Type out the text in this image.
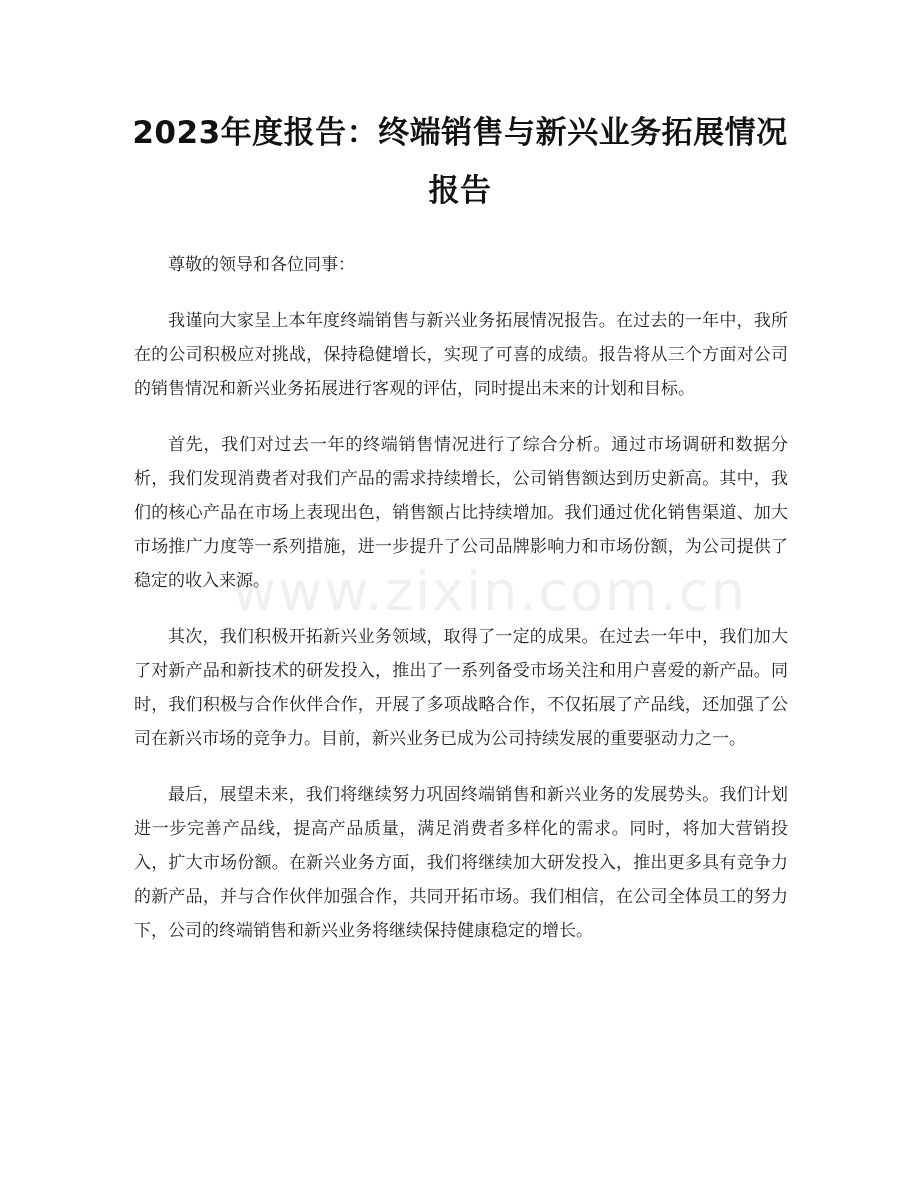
2023年度报告：终端销售与新兴业务拓展情况报告

尊敬的领导和各位同事：

我谨向大家呈上本年度终端销售与新兴业务拓展情况报告。在过去的一年中，我所在的公司积极应对挑战，保持稳健增长，实现了可喜的成绩。报告将从三个方面对公司的销售情况和新兴业务拓展进行客观的评估，同时提出未来的计划和目标。

首先，我们对过去一年的终端销售情况进行了综合分析。通过市场调研和数据分析，我们发现消费者对我们产品的需求持续增长，公司销售额达到历史新高。其中，我们的核心产品在市场上表现出色，销售额占比持续增加。我们通过优化销售渠道、加大市场推广力度等一系列措施，进一步提升了公司品牌影响力和市场份额，为公司提供了稳定的收入来源。

其次，我们积极开拓新兴业务领域，取得了一定的成果。在过去一年中，我们加大了对新产品和新技术的研发投入，推出了一系列备受市场关注和用户喜爱的新产品。同时，我们积极与合作伙伴合作，开展了多项战略合作，不仅拓展了产品线，还加强了公司在新兴市场的竞争力。目前，新兴业务已成为公司持续发展的重要驱动力之一。

最后，展望未来，我们将继续努力巩固终端销售和新兴业务的发展势头。我们计划进一步完善产品线，提高产品质量，满足消费者多样化的需求。同时，将加大营销投入，扩大市场份额。在新兴业务方面，我们将继续加大研发投入，推出更多具有竞争力的新产品，并与合作伙伴加强合作，共同开拓市场。我们相信，在公司全体员工的努力下，公司的终端销售和新兴业务将继续保持健康稳定的增长。

www.zixin.com.cn
